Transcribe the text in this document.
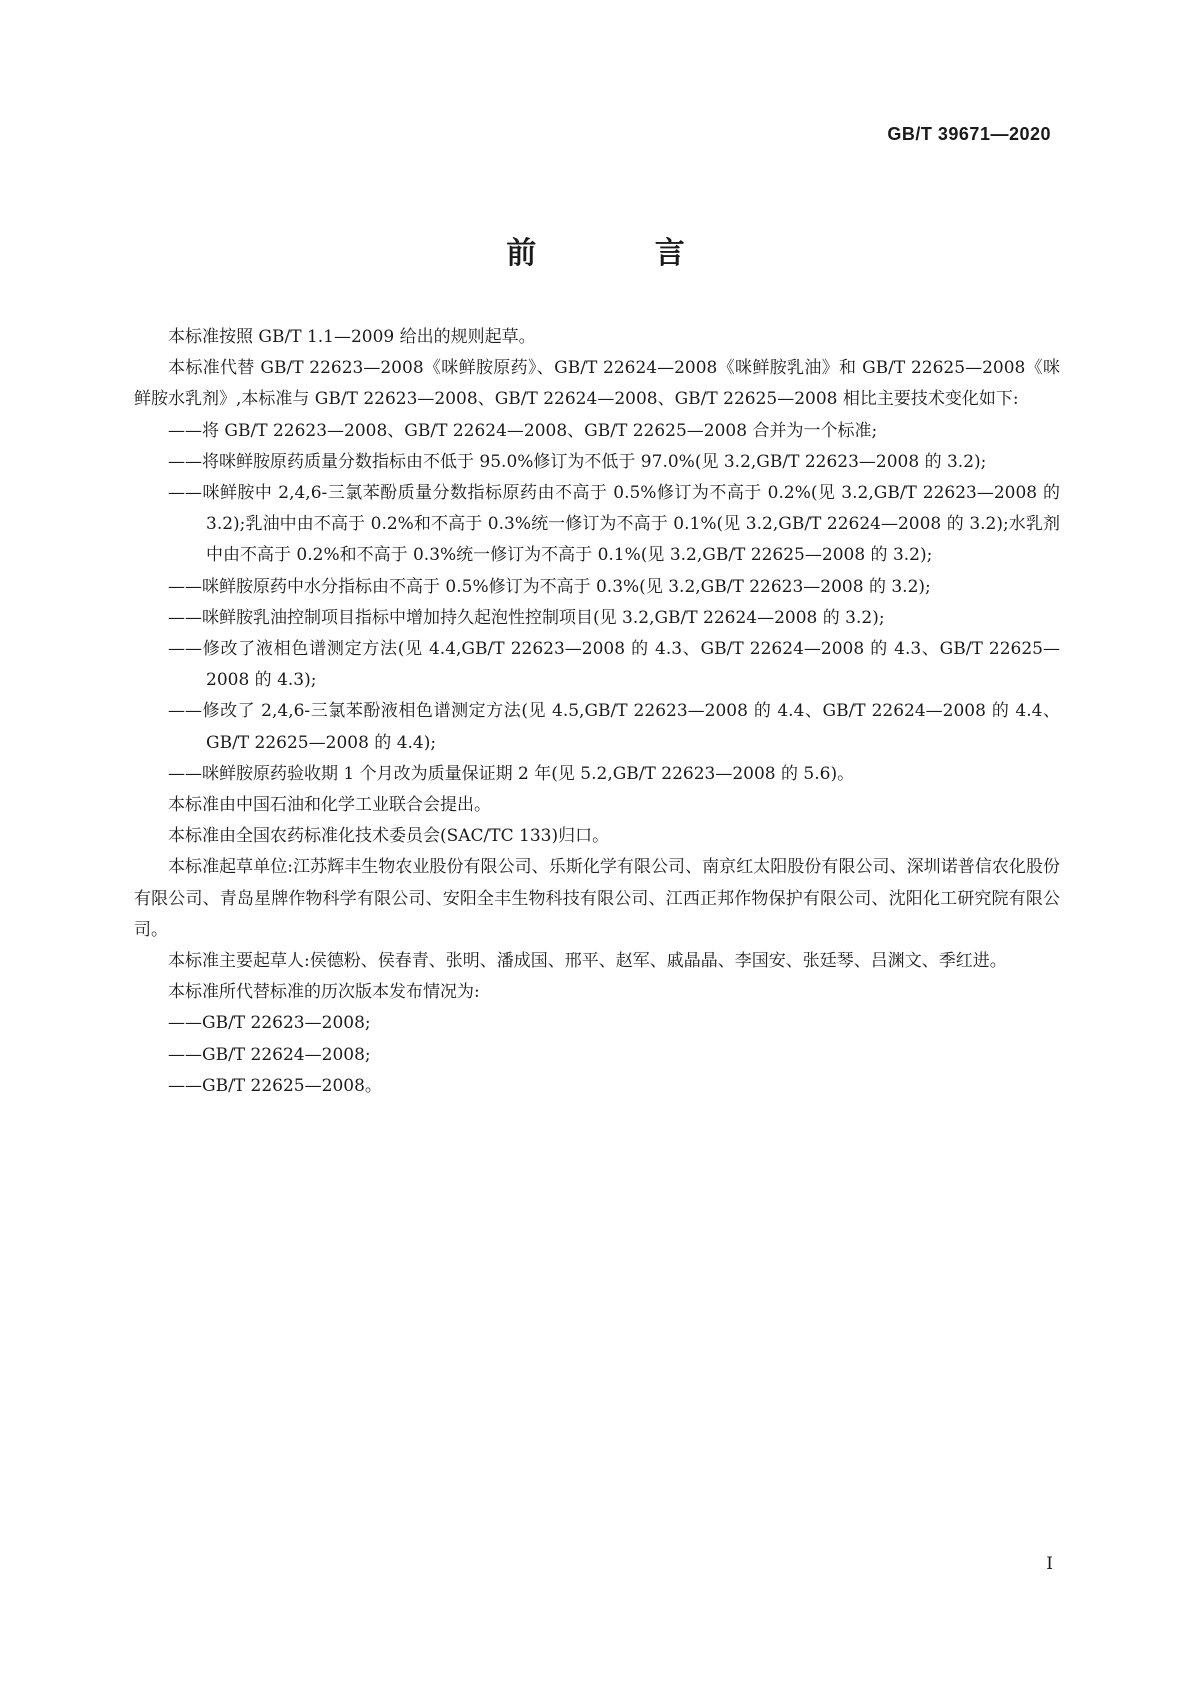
GB/T 39671—2020
前 言

本标准按照 GB/T 1.1—2009 给出的规则起草。

本标准代替 GB/T 22623—2008《咪鲜胺原药》、GB/T 22624—2008《咪鲜胺乳油》和 GB/T 22625—2008《咪鲜胺水乳剂》,本标准与 GB/T 22623—2008、GB/T 22624—2008、GB/T 22625—2008 相比主要技术变化如下:

——将 GB/T 22623—2008、GB/T 22624—2008、GB/T 22625—2008 合并为一个标准;

——将咪鲜胺原药质量分数指标由不低于 95.0%修订为不低于 97.0%(见 3.2,GB/T 22623—2008 的 3.2);

——咪鲜胺中 2,4,6-三氯苯酚质量分数指标原药由不高于 0.5%修订为不高于 0.2%(见 3.2,GB/T 22623—2008 的 3.2);乳油中由不高于 0.2%和不高于 0.3%统一修订为不高于 0.1%(见 3.2,GB/T 22624—2008 的 3.2);水乳剂中由不高于 0.2%和不高于 0.3%统一修订为不高于 0.1%(见 3.2,GB/T 22625—2008 的 3.2);

——咪鲜胺原药中水分指标由不高于 0.5%修订为不高于 0.3%(见 3.2,GB/T 22623—2008 的 3.2);

——咪鲜胺乳油控制项目指标中增加持久起泡性控制项目(见 3.2,GB/T 22624—2008 的 3.2);

——修改了液相色谱测定方法(见 4.4,GB/T 22623—2008 的 4.3、GB/T 22624—2008 的 4.3、GB/T 22625—2008 的 4.3);

——修改了 2,4,6-三氯苯酚液相色谱测定方法(见 4.5,GB/T 22623—2008 的 4.4、GB/T 22624—2008 的 4.4、GB/T 22625—2008 的 4.4);

——咪鲜胺原药验收期 1 个月改为质量保证期 2 年(见 5.2,GB/T 22623—2008 的 5.6)。

本标准由中国石油和化学工业联合会提出。

本标准由全国农药标准化技术委员会(SAC/TC 133)归口。

本标准起草单位:江苏辉丰生物农业股份有限公司、乐斯化学有限公司、南京红太阳股份有限公司、深圳诺普信农化股份有限公司、青岛星牌作物科学有限公司、安阳全丰生物科技有限公司、江西正邦作物保护有限公司、沈阳化工研究院有限公司。

本标准主要起草人:侯德粉、侯春青、张明、潘成国、邢平、赵军、戚晶晶、李国安、张廷琴、吕渊文、季红进。

本标准所代替标准的历次版本发布情况为:

——GB/T 22623—2008;

——GB/T 22624—2008;

——GB/T 22625—2008。

I
